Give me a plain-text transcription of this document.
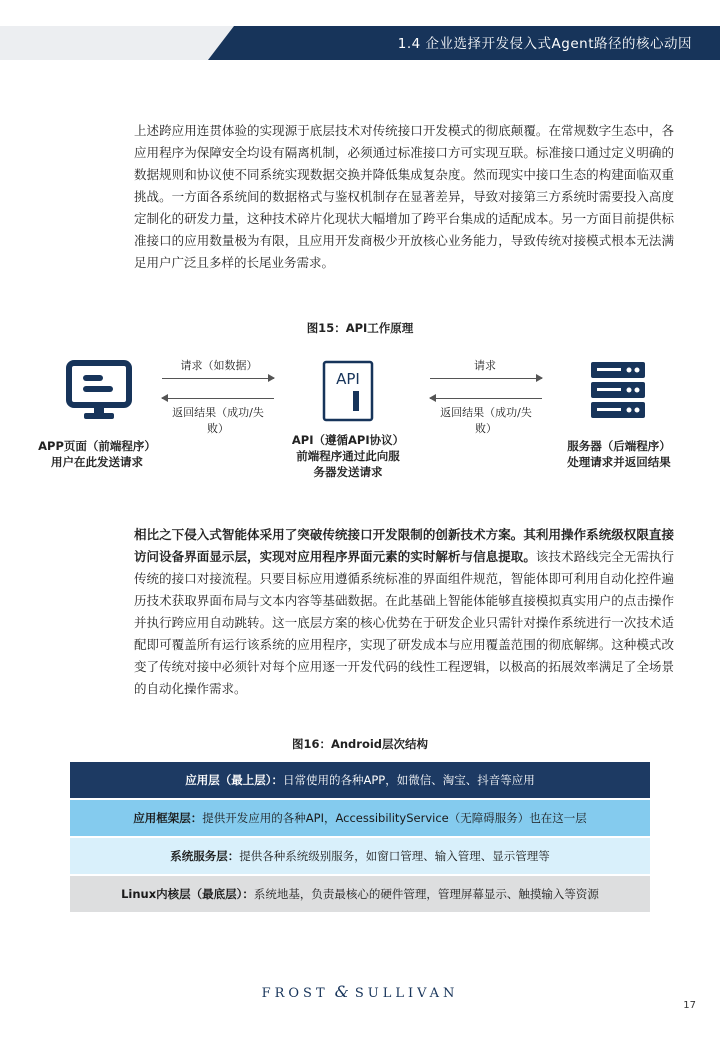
1.4 企业选择开发侵入式Agent路径的核心动因

上述跨应用连贯体验的实现源于底层技术对传统接口开发模式的彻底颠覆。在常规数字生态中，各应用程序为保障安全均设有隔离机制，必须通过标准接口方可实现互联。标准接口通过定义明确的数据规则和协议使不同系统实现数据交换并降低集成复杂度。然而现实中接口生态的构建面临双重挑战。一方面各系统间的数据格式与鉴权机制存在显著差异，导致对接第三方系统时需要投入高度定制化的研发力量，这种技术碎片化现状大幅增加了跨平台集成的适配成本。另一方面目前提供标准接口的应用数量极为有限，且应用开发商极少开放核心业务能力，导致传统对接模式根本无法满足用户广泛且多样的长尾业务需求。

图15：API工作原理
API
请求（如数据）
返回结果（成功/失败）
请求
返回结果（成功/失败）
APP页面（前端程序）
用户在此发送请求
API（遵循API协议）
前端程序通过此向服
务器发送请求
服务器（后端程序）
处理请求并返回结果

相比之下侵入式智能体采用了突破传统接口开发限制的创新技术方案。其利用操作系统级权限直接访问设备界面显示层，实现对应用程序界面元素的实时解析与信息提取。该技术路线完全无需执行传统的接口对接流程。只要目标应用遵循系统标准的界面组件规范，智能体即可利用自动化控件遍历技术获取界面布局与文本内容等基础数据。在此基础上智能体能够直接模拟真实用户的点击操作并执行跨应用自动跳转。这一底层方案的核心优势在于研发企业只需针对操作系统进行一次技术适配即可覆盖所有运行该系统的应用程序，实现了研发成本与应用覆盖范围的彻底解绑。这种模式改变了传统对接中必须针对每个应用逐一开发代码的线性工程逻辑，以极高的拓展效率满足了全场景的自动化操作需求。

图16：Android层次结构
应用层（最上层）：日常使用的各种APP，如微信、淘宝、抖音等应用
应用框架层：提供开发应用的各种API，AccessibilityService（无障碍服务）也在这一层
系统服务层：提供各种系统级别服务，如窗口管理、输入管理、显示管理等
Linux内核层（最底层）：系统地基，负责最核心的硬件管理，管理屏幕显示、触摸输入等资源
FROST & SULLIVAN
17
